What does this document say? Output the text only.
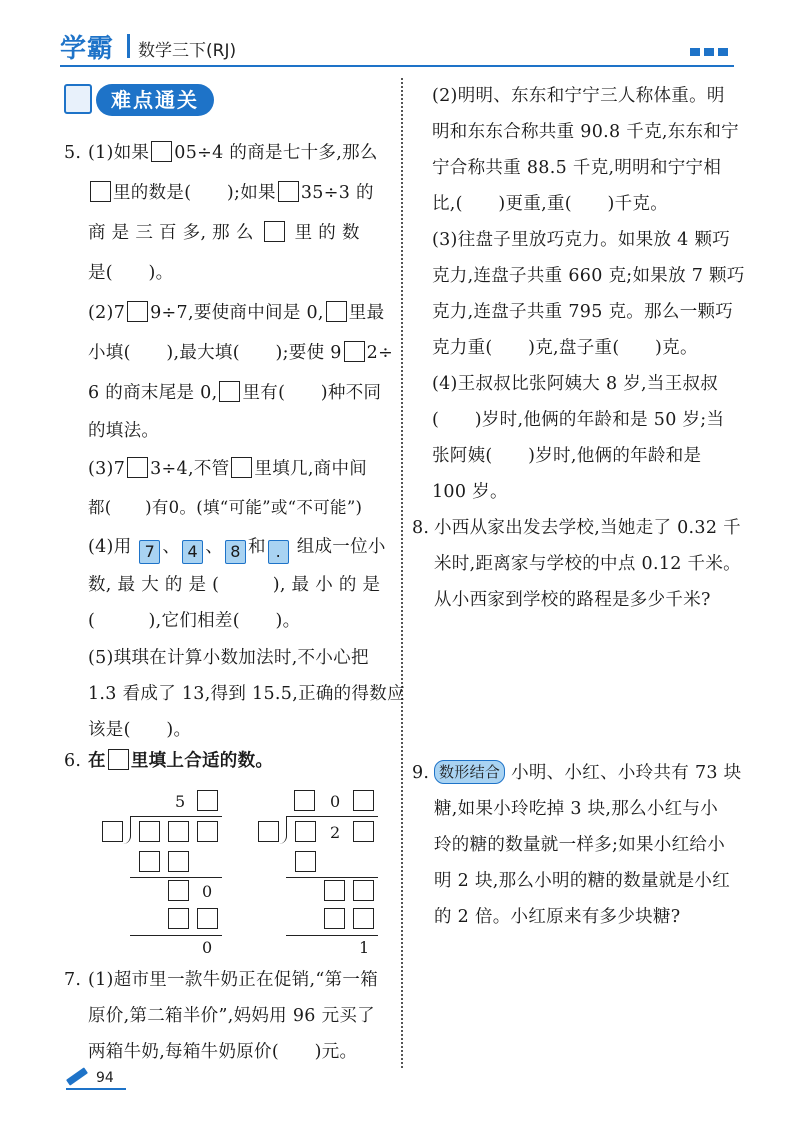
学霸 数学三下(RJ)
难点通关
5. (1)如果 05÷4 的商是七十多,那么
里的数是(　　);如果 35÷3 的
商 是 三 百 多, 那 么 里 的 数
是(　　)。
(2)7 9÷7,要使商中间是 0, 里最
小填(　　),最大填(　　);要使 9 2÷
6 的商末尾是 0, 里有(　　)种不同
的填法。
(3)7 3÷4,不管 里填几,商中间
都(　　)有0。(填“可能”或“不可能”)
(4)用 7 、 4 、 8 和 . 组成一位小
数, 最 大 的 是 (　　　), 最 小 的 是
(　　　),它们相差(　　)。
(5)琪琪在计算小数加法时,不小心把
1.3 看成了 13,得到 15.5,正确的得数应
该是(　　)。
6. 在 里填上合适的数。
5
0
0
0
2
1
7. (1)超市里一款牛奶正在促销,“第一箱
原价,第二箱半价”,妈妈用 96 元买了
两箱牛奶,每箱牛奶原价(　　)元。
(2)明明、东东和宁宁三人称体重。明
明和东东合称共重 90.8 千克,东东和宁
宁合称共重 88.5 千克,明明和宁宁相
比,(　　)更重,重(　　)千克。
(3)往盘子里放巧克力。如果放 4 颗巧
克力,连盘子共重 660 克;如果放 7 颗巧
克力,连盘子共重 795 克。那么一颗巧
克力重(　　)克,盘子重(　　)克。
(4)王叔叔比张阿姨大 8 岁,当王叔叔
(　　)岁时,他俩的年龄和是 50 岁;当
张阿姨(　　)岁时,他俩的年龄和是
100 岁。
8. 小西从家出发去学校,当她走了 0.32 千
米时,距离家与学校的中点 0.12 千米。
从小西家到学校的路程是多少千米?
9. 数形结合 小明、小红、小玲共有 73 块
糖,如果小玲吃掉 3 块,那么小红与小
玲的糖的数量就一样多;如果小红给小
明 2 块,那么小明的糖的数量就是小红
的 2 倍。小红原来有多少块糖?
94
